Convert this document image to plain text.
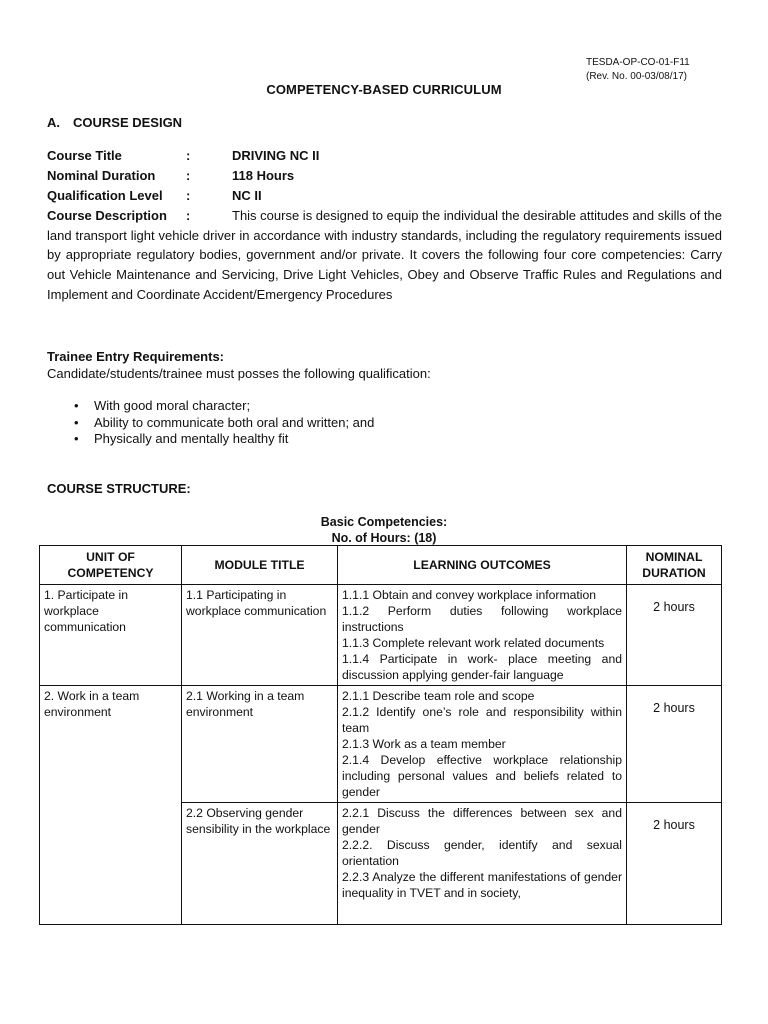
TESDA-OP-CO-01-F11
(Rev. No. 00-03/08/17)
COMPETENCY-BASED CURRICULUM
A. COURSE DESIGN
Course Title	:	DRIVING NC II
Nominal Duration :	118 Hours
Qualification Level :	NC II
Course Description :	This course is designed to equip the individual the desirable attitudes and skills of the land transport light vehicle driver in accordance with industry standards, including the regulatory requirements issued by appropriate regulatory bodies, government and/or private. It covers the following four core competencies: Carry out Vehicle Maintenance and Servicing, Drive Light Vehicles, Obey and Observe Traffic Rules and Regulations and Implement and Coordinate Accident/Emergency Procedures
Trainee Entry Requirements:
Candidate/students/trainee must posses the following qualification:
• With good moral character;
• Ability to communicate both oral and written; and
• Physically and mentally healthy fit
COURSE STRUCTURE:
Basic Competencies:
No. of Hours: (18)
UNIT OF COMPETENCY	MODULE TITLE	LEARNING OUTCOMES	NOMINAL DURATION
1. Participate in workplace communication	1.1 Participating in workplace communication	1.1.1 Obtain and convey workplace information
1.1.2 Perform duties following workplace instructions
1.1.3 Complete relevant work related documents
1.1.4 Participate in work- place meeting and discussion applying gender-fair language	2 hours
2. Work in a team environment	2.1 Working in a team environment	2.1.1 Describe team role and scope
2.1.2 Identify one’s role and responsibility within team
2.1.3 Work as a team member
2.1.4 Develop effective workplace relationship including personal values and beliefs related to gender	2 hours
	2.2 Observing gender sensibility in the workplace	2.2.1 Discuss the differences between sex and gender
2.2.2. Discuss gender, identify and sexual orientation
2.2.3 Analyze the different manifestations of gender inequality in TVET and in society,	2 hours
